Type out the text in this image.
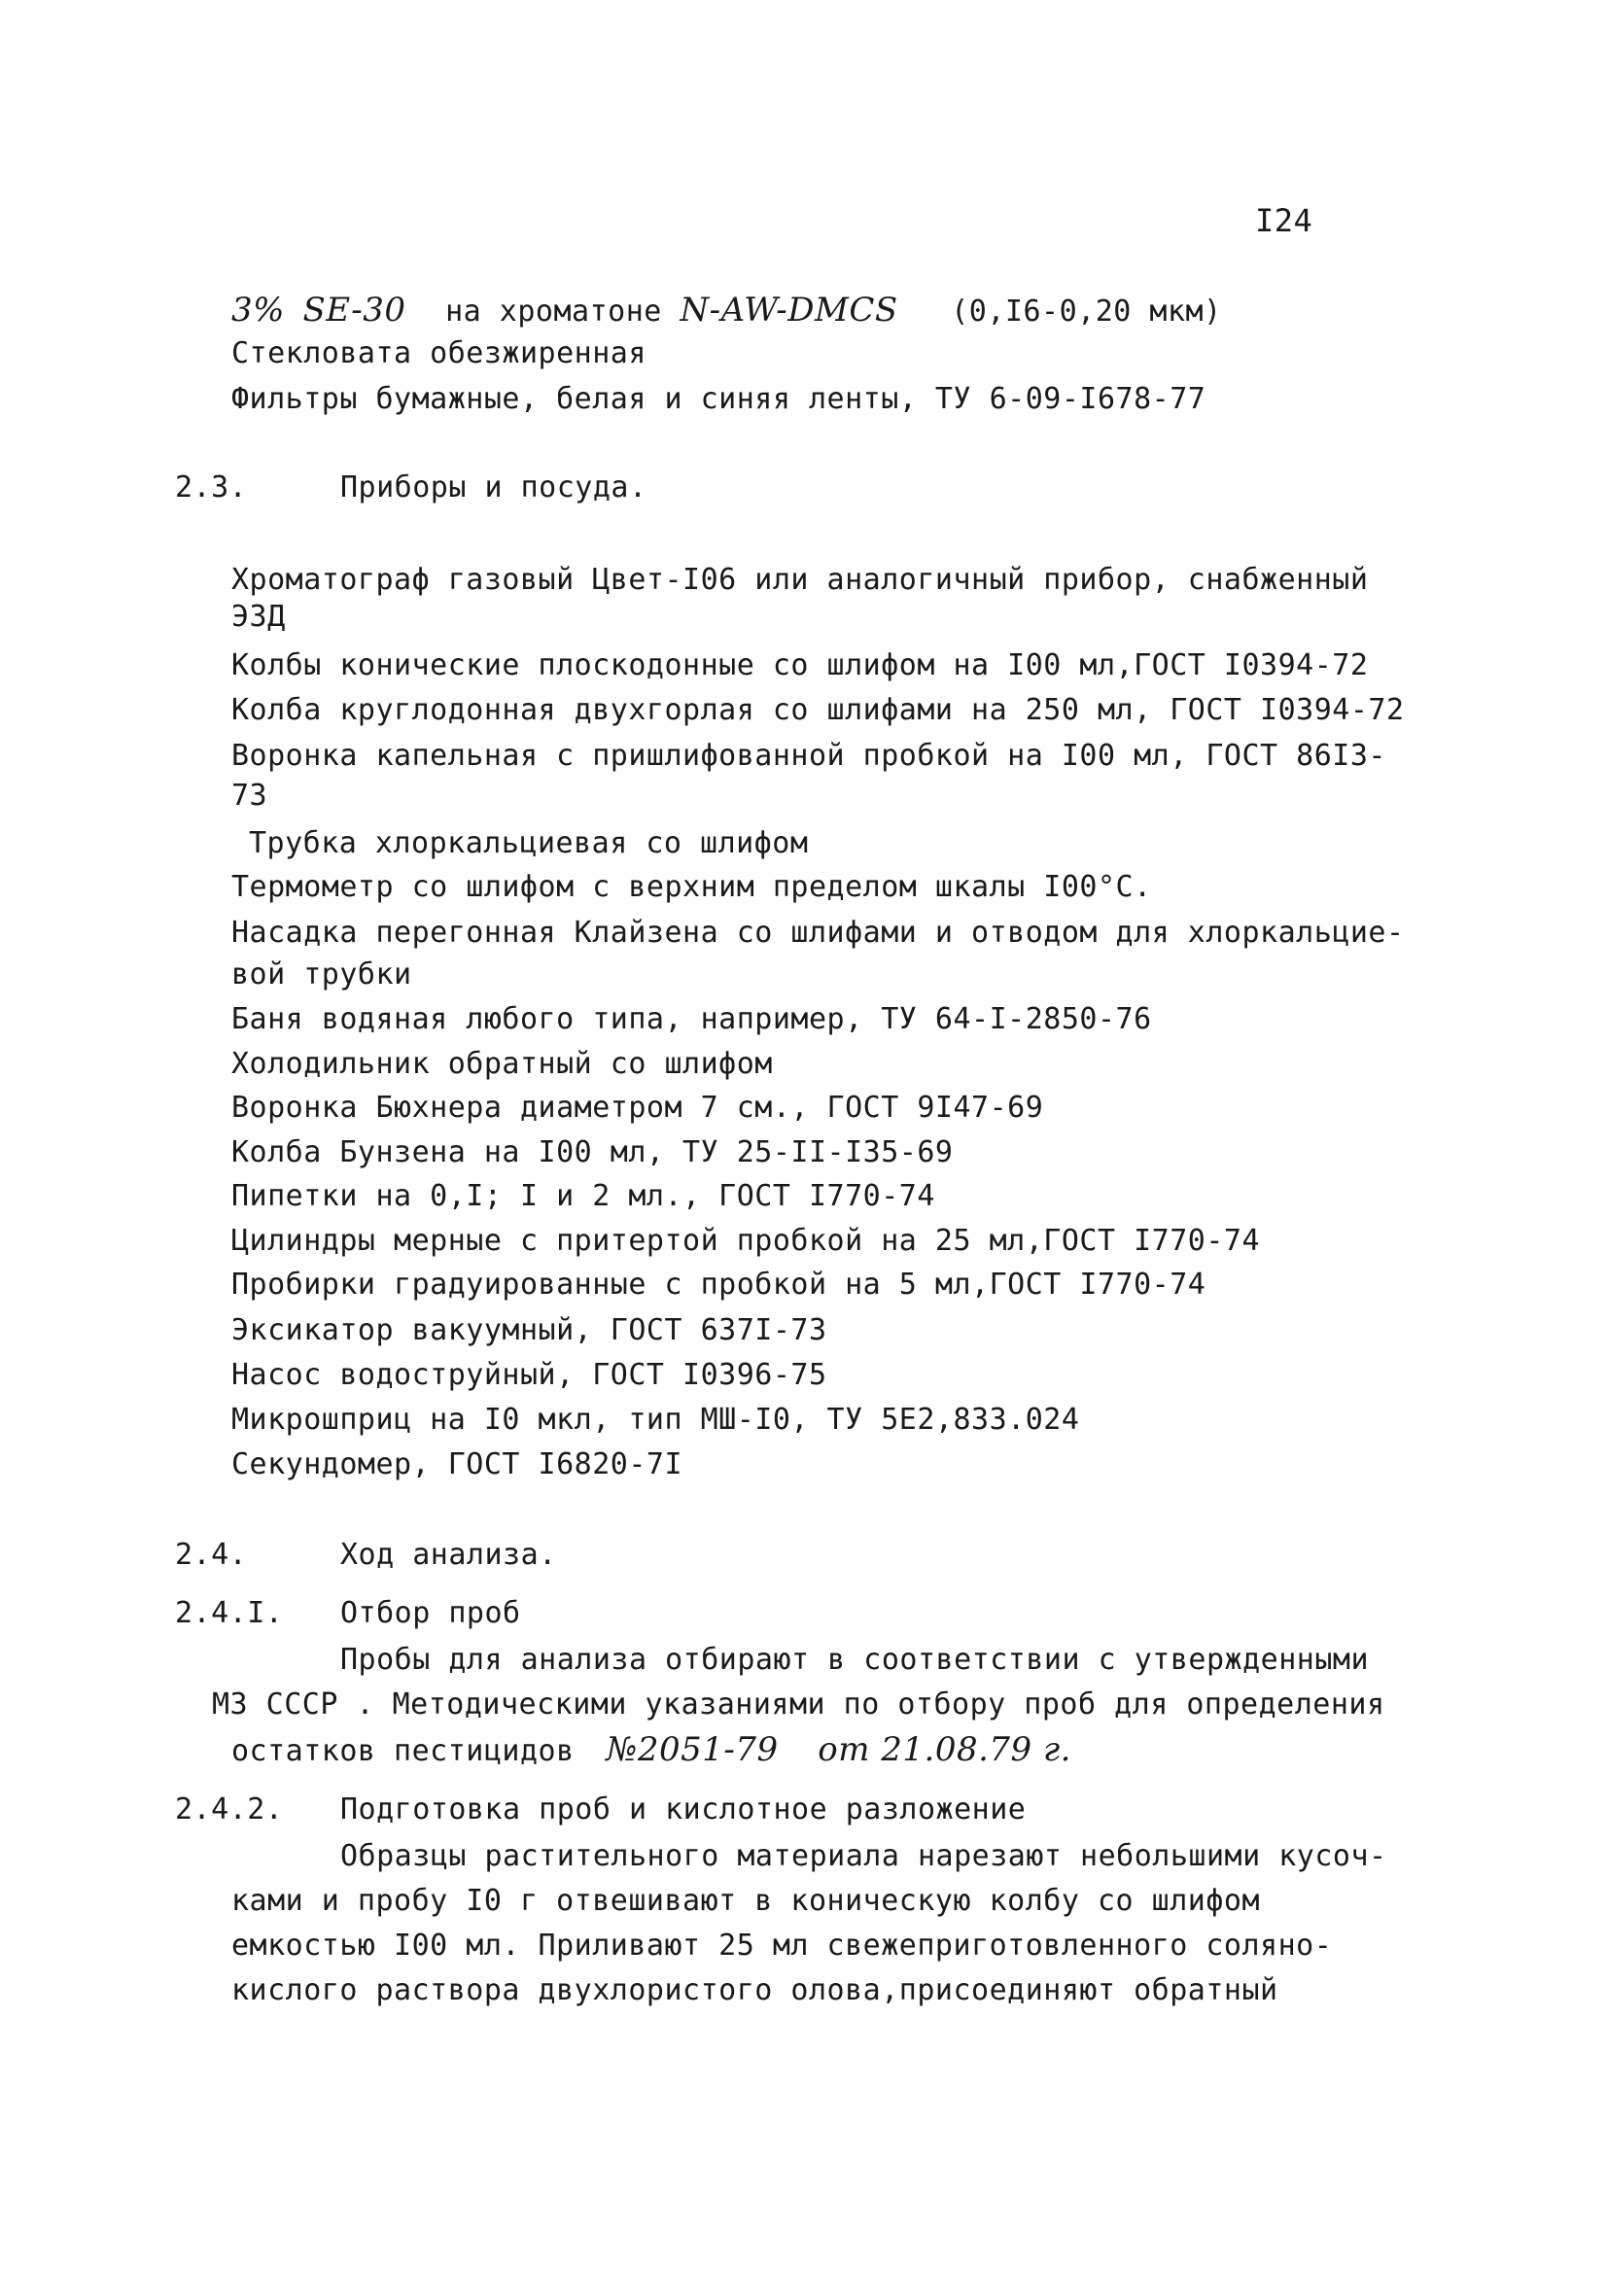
I24
3% SE-30 на хроматоне N-AW-DMCS (0,I6-0,20 мкм)
Стекловата обезжиренная
Фильтры бумажные, белая и синяя ленты, ТУ 6-09-I678-77
2.3.	Приборы и посуда.
Хроматограф газовый Цвет-I06 или аналогичный прибор, снабженный
ЭЗД
Колбы конические плоскодонные со шлифом на I00 мл,ГОСТ I0394-72
Колба круглодонная двухгорлая со шлифами на 250 мл, ГОСТ I0394-72
Воронка капельная с пришлифованной пробкой на I00 мл, ГОСТ 86I3-
73
Трубка хлоркальциевая со шлифом
Термометр со шлифом с верхним пределом шкалы I00°С.
Насадка перегонная Клайзена со шлифами и отводом для хлоркальцие-
вой трубки
Баня водяная любого типа, например, ТУ 64-I-2850-76
Холодильник обратный со шлифом
Воронка Бюхнера диаметром 7 см., ГОСТ 9I47-69
Колба Бунзена на I00 мл, ТУ 25-II-I35-69
Пипетки на 0,I; I и 2 мл., ГОСТ I770-74
Цилиндры мерные с притертой пробкой на 25 мл,ГОСТ I770-74
Пробирки градуированные с пробкой на 5 мл,ГОСТ I770-74
Эксикатор вакуумный, ГОСТ 637I-73
Насос водоструйный, ГОСТ I0396-75
Микрошприц на I0 мкл, тип МШ-I0, ТУ 5Е2,833.024
Секундомер, ГОСТ I6820-7I
2.4.	Ход анализа.
2.4.I. Отбор проб
Пробы для анализа отбирают в соответствии с утвержденными
МЗ СССР . Методическими указаниями по отбору проб для определения
остатков пестицидов №2051-79 от 21.08.79 г.
2.4.2. Подготовка проб и кислотное разложение
Образцы растительного материала нарезают небольшими кусоч-
ками и пробу I0 г отвешивают в коническую колбу со шлифом
емкостью I00 мл. Приливают 25 мл свежеприготовленного соляно-
кислого раствора двухлористого олова,присоединяют обратный
